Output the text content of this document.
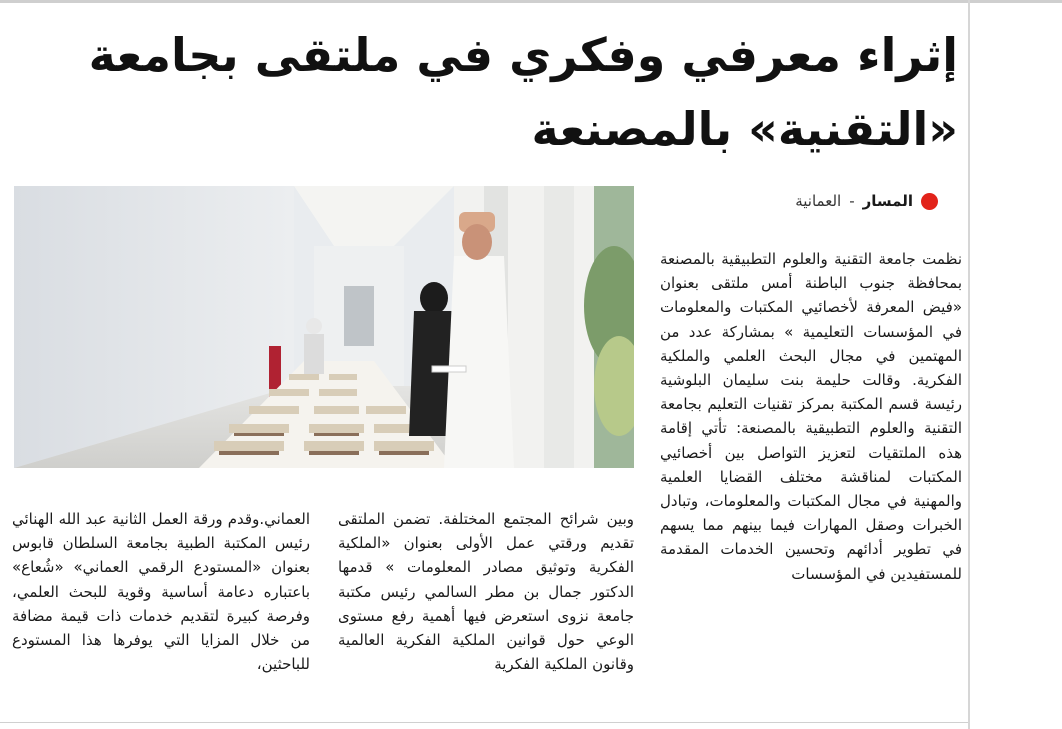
إثراء معرفي وفكري في ملتقى بجامعة «التقنية» بالمصنعة
المسار
-
العمانية

نظمت جامعة التقنية والعلوم التطبيقية بالمصنعة بمحافظة جنوب الباطنة أمس ملتقى بعنوان «فيض المعرفة لأخصائيي المكتبات والمعلومات في المؤسسات التعليمية » بمشاركة عدد من المهتمين في مجال البحث العلمي والملكية الفكرية. وقالت حليمة بنت سليمان البلوشية رئيسة قسم المكتبة بمركز تقنيات التعليم بجامعة التقنية والعلوم التطبيقية بالمصنعة: تأتي إقامة هذه الملتقيات لتعزيز التواصل بين أخصائيي المكتبات لمناقشة مختلف القضايا العلمية والمهنية في مجال المكتبات والمعلومات، وتبادل الخبرات وصقل المهارات فيما بينهم مما يسهم في تطوير أدائهم وتحسين الخدمات المقدمة للمستفيدين في المؤسسات

وبين شرائح المجتمع المختلفة. تضمن الملتقى تقديم ورقتي عمل الأولى بعنوان «الملكية الفكرية وتوثيق مصادر المعلومات » قدمها الدكتور جمال بن مطر السالمي رئيس مكتبة جامعة نزوى استعرض فيها أهمية رفع مستوى الوعي حول قوانين الملكية الفكرية العالمية وقانون الملكية الفكرية

العماني.وقدم ورقة العمل الثانية عبد الله الهنائي رئيس المكتبة الطبية بجامعة السلطان قابوس بعنوان «المستودع الرقمي العماني» «شُعاع» باعتباره دعامة أساسية وقوية للبحث العلمي، وفرصة كبيرة لتقديم خدمات ذات قيمة مضافة من خلال المزايا التي يوفرها هذا المستودع للباحثين،
